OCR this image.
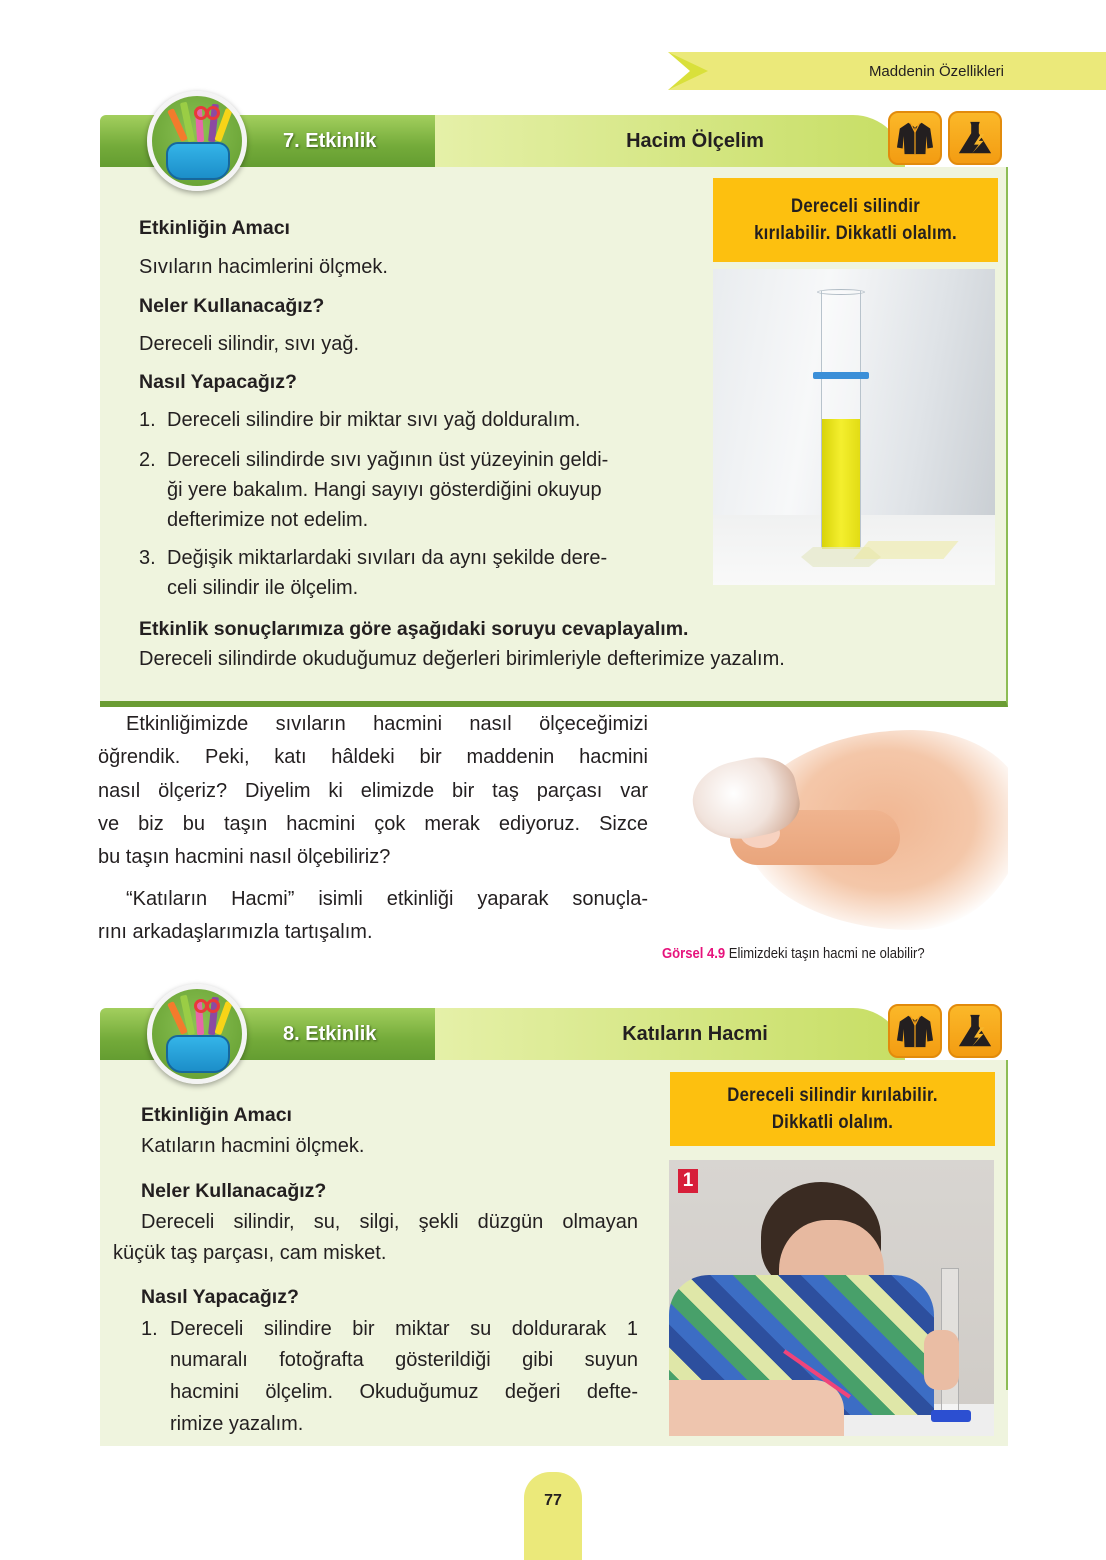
Maddenin Özellikleri
7. Etkinlik	Hacim Ölçelim
Dereceli silindir
kırılabilir. Dikkatli olalım.
Etkinliğin Amacı
Sıvıların hacimlerini ölçmek.
Neler Kullanacağız?
Dereceli silindir, sıvı yağ.
Nasıl Yapacağız?
1. Dereceli silindire bir miktar sıvı yağ dolduralım.
2. Dereceli silindirde sıvı yağının üst yüzeyinin geldi-
ği yere bakalım. Hangi sayıyı gösterdiğini okuyup
defterimize not edelim.
3. Değişik miktarlardaki sıvıları da aynı şekilde dere-
celi silindir ile ölçelim.
Etkinlik sonuçlarımıza göre aşağıdaki soruyu cevaplayalım.
Dereceli silindirde okuduğumuz değerleri birimleriyle defterimize yazalım.
Etkinliğimizde sıvıların hacmini nasıl ölçeceğimizi
öğrendik. Peki, katı hâldeki bir maddenin hacmini
nasıl ölçeriz? Diyelim ki elimizde bir taş parçası var
ve biz bu taşın hacmini çok merak ediyoruz. Sizce
bu taşın hacmini nasıl ölçebiliriz?
“Katıların Hacmi” isimli etkinliği yaparak sonuçla-
rını arkadaşlarımızla tartışalım.
Görsel 4.9 Elimizdeki taşın hacmi ne olabilir?
8. Etkinlik	Katıların Hacmi
Dereceli silindir kırılabilir.
Dikkatli olalım.
1
Etkinliğin Amacı
Katıların hacmini ölçmek.
Neler Kullanacağız?
Dereceli silindir, su, silgi, şekli düzgün olmayan
küçük taş parçası, cam misket.
Nasıl Yapacağız?
1. Dereceli silindire bir miktar su doldurarak 1
numaralı fotoğrafta gösterildiği gibi suyun
hacmini ölçelim. Okuduğumuz değeri defte-
rimize yazalım.
77
